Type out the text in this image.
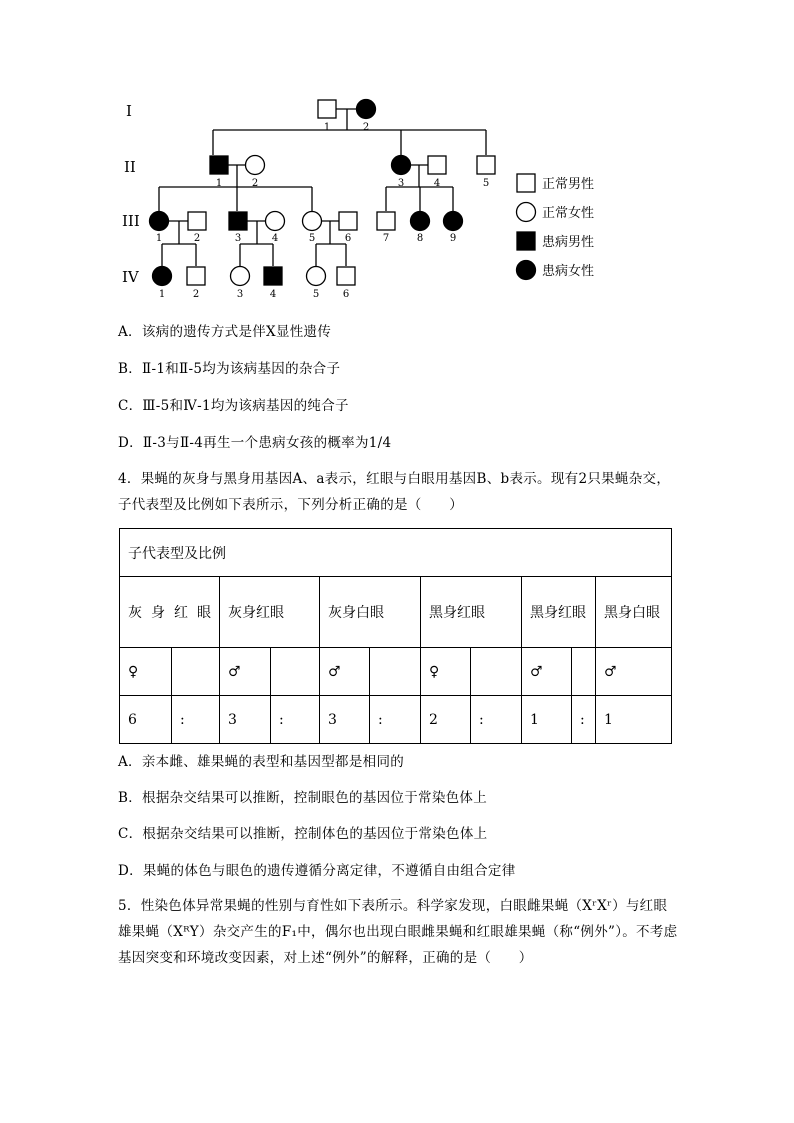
I
II
III
IV
1	2
1	2	3	4	5
1	2	3	4	5	6	7	8	9
1	2	3	4	5 6
正常男性
正常女性
患病男性
患病女性
A．该病的遗传方式是伴X显性遗传
B．Ⅱ-1和Ⅱ-5均为该病基因的杂合子
C．Ⅲ-5和Ⅳ-1均为该病基因的纯合子
D．Ⅱ-3与Ⅱ-4再生一个患病女孩的概率为1/4
4．果蝇的灰身与黑身用基因A、a表示，红眼与白眼用基因B、b表示。现有2只果蝇杂交，子代表型及比例如下表所示，下列分析正确的是（　　）
子代表型及比例										

灰身红眼		灰身红眼		灰身白眼		黑身红眼		黑身红眼		黑身白眼
♀		♂		♂		♀		♂		♂
6	:	3	:	3	:	2	:	1	:	1
A．亲本雌、雄果蝇的表型和基因型都是相同的
B．根据杂交结果可以推断，控制眼色的基因位于常染色体上
C．根据杂交结果可以推断，控制体色的基因位于常染色体上
D．果蝇的体色与眼色的遗传遵循分离定律，不遵循自由组合定律
5．性染色体异常果蝇的性别与育性如下表所示。科学家发现，白眼雌果蝇（XʳXʳ）与红眼雄果蝇（XᴿY）杂交产生的F₁中，偶尔也出现白眼雌果蝇和红眼雄果蝇（称“例外”）。不考虑基因突变和环境改变因素，对上述“例外”的解释，正确的是（　　）
